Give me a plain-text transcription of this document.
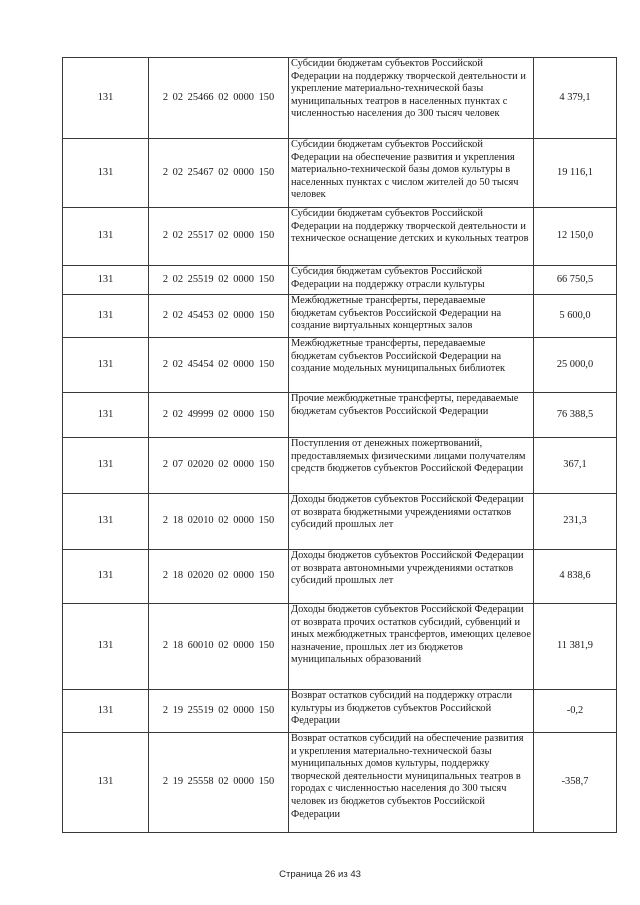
131	2 02 25466 02 0000 150	Субсидии бюджетам субъектов Российской Федерации на поддержку творческой деятельности и укрепление материально-технической базы муниципальных театров в населенных пунктах с численностью населения до 300 тысяч человек	4 379,1
131	2 02 25467 02 0000 150	Субсидии бюджетам субъектов Российской Федерации на обеспечение развития и укрепления материально-технической базы домов культуры в населенных пунктах с числом жителей до 50 тысяч человек	19 116,1
131	2 02 25517 02 0000 150	Субсидии бюджетам субъектов Российской Федерации на поддержку творческой деятельности и техническое оснащение детских и кукольных театров	12 150,0
131	2 02 25519 02 0000 150	Субсидия бюджетам субъектов Российской Федерации на поддержку отрасли культуры	66 750,5
131	2 02 45453 02 0000 150	Межбюджетные трансферты, передаваемые бюджетам субъектов Российской Федерации на создание виртуальных концертных залов	5 600,0
131	2 02 45454 02 0000 150	Межбюджетные трансферты, передаваемые бюджетам субъектов Российской Федерации на создание модельных муниципальных библиотек	25 000,0
131	2 02 49999 02 0000 150	Прочие межбюджетные трансферты, передаваемые бюджетам субъектов Российской Федерации	76 388,5
131	2 07 02020 02 0000 150	Поступления от денежных пожертвований, предоставляемых физическими лицами получателям средств бюджетов субъектов Российской Федерации	367,1
131	2 18 02010 02 0000 150	Доходы бюджетов субъектов Российской Федерации от возврата бюджетными учреждениями остатков субсидий прошлых лет	231,3
131	2 18 02020 02 0000 150	Доходы бюджетов субъектов Российской Федерации от возврата автономными учреждениями остатков субсидий прошлых лет	4 838,6
131	2 18 60010 02 0000 150	Доходы бюджетов субъектов Российской Федерации от возврата прочих остатков субсидий, субвенций и иных межбюджетных трансфертов, имеющих целевое назначение, прошлых лет из бюджетов муниципальных образований	11 381,9
131	2 19 25519 02 0000 150	Возврат остатков субсидий на поддержку отрасли культуры из бюджетов субъектов Российской Федерации	-0,2
131	2 19 25558 02 0000 150	Возврат остатков субсидий на обеспечение развития и укрепления материально-технической базы муниципальных домов культуры, поддержку творческой деятельности муниципальных театров в городах с численностью населения до 300 тысяч человек из бюджетов субъектов Российской Федерации	-358,7
Страница 26 из 43
